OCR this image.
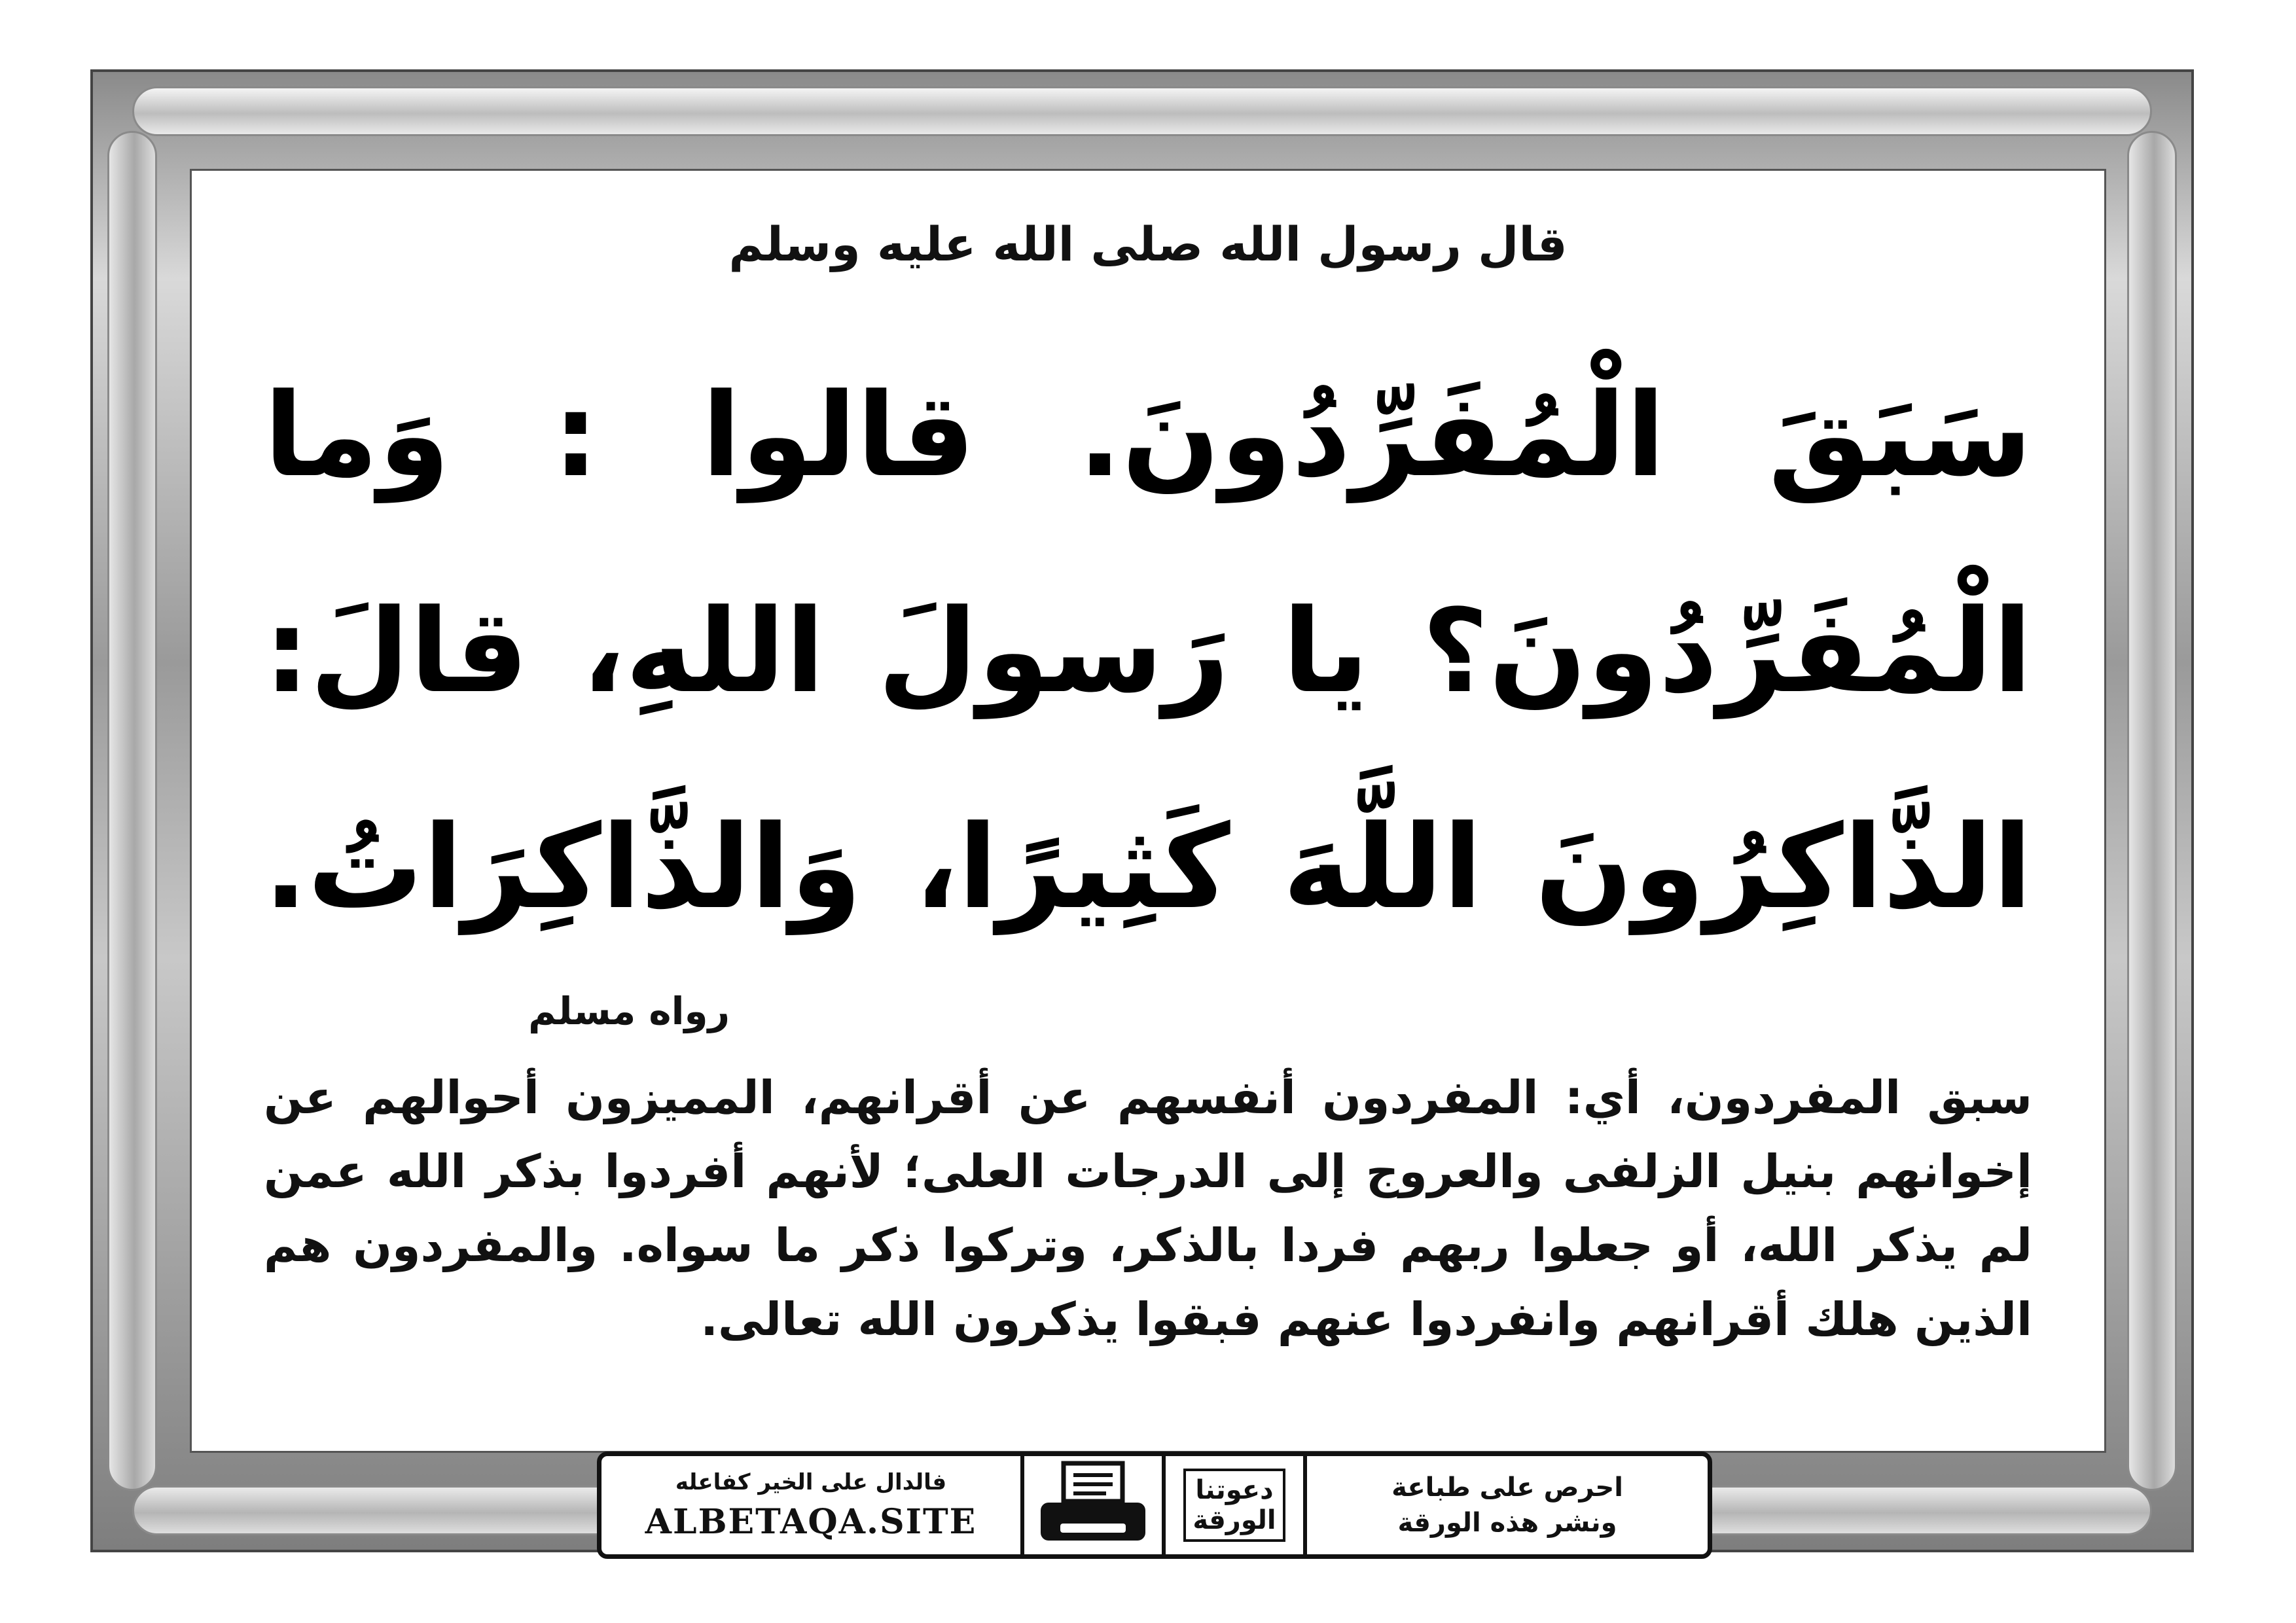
قال رسول الله صلى الله عليه وسلم
سَبَقَ الْمُفَرِّدُونَ. قالوا : وَما
الْمُفَرِّدُونَ؟ يا رَسولَ اللهِ، قالَ:
الذَّاكِرُونَ اللَّهَ كَثِيرًا، وَالذَّاكِرَاتُ.
رواه مسلم
سبق المفردون، أي: المفردون أنفسهم عن أقرانهم، المميزون أحوالهم عن إخوانهم بنيل الزلفى والعروج إلى الدرجات العلى؛ لأنهم أفردوا بذكر الله عمن لم يذكر الله، أو جعلوا ربهم فردا بالذكر، وتركوا ذكر ما سواه. والمفردون هم الذين هلك أقرانهم وانفردوا عنهم فبقوا يذكرون الله تعالى.
فالدال على الخير كفاعله
ALBETAQA.SITE
دعوتنا
الورقة
احرص على طباعة
ونشر هذه الورقة
